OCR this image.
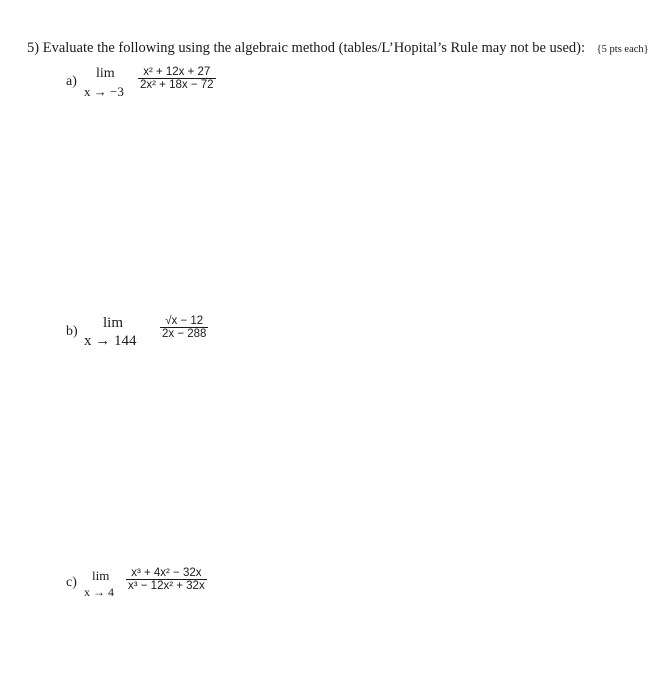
5) Evaluate the following using the algebraic method (tables/L’Hopital’s Rule may not be used): {5 pts each}
a)
lim
x → −3
x² + 12x + 27
2x² + 18x − 72
b)
lim
x → 144
√x − 12
2x − 288
c) lim
x → 4
x³ + 4x² − 32x
x³ − 12x² + 32x
